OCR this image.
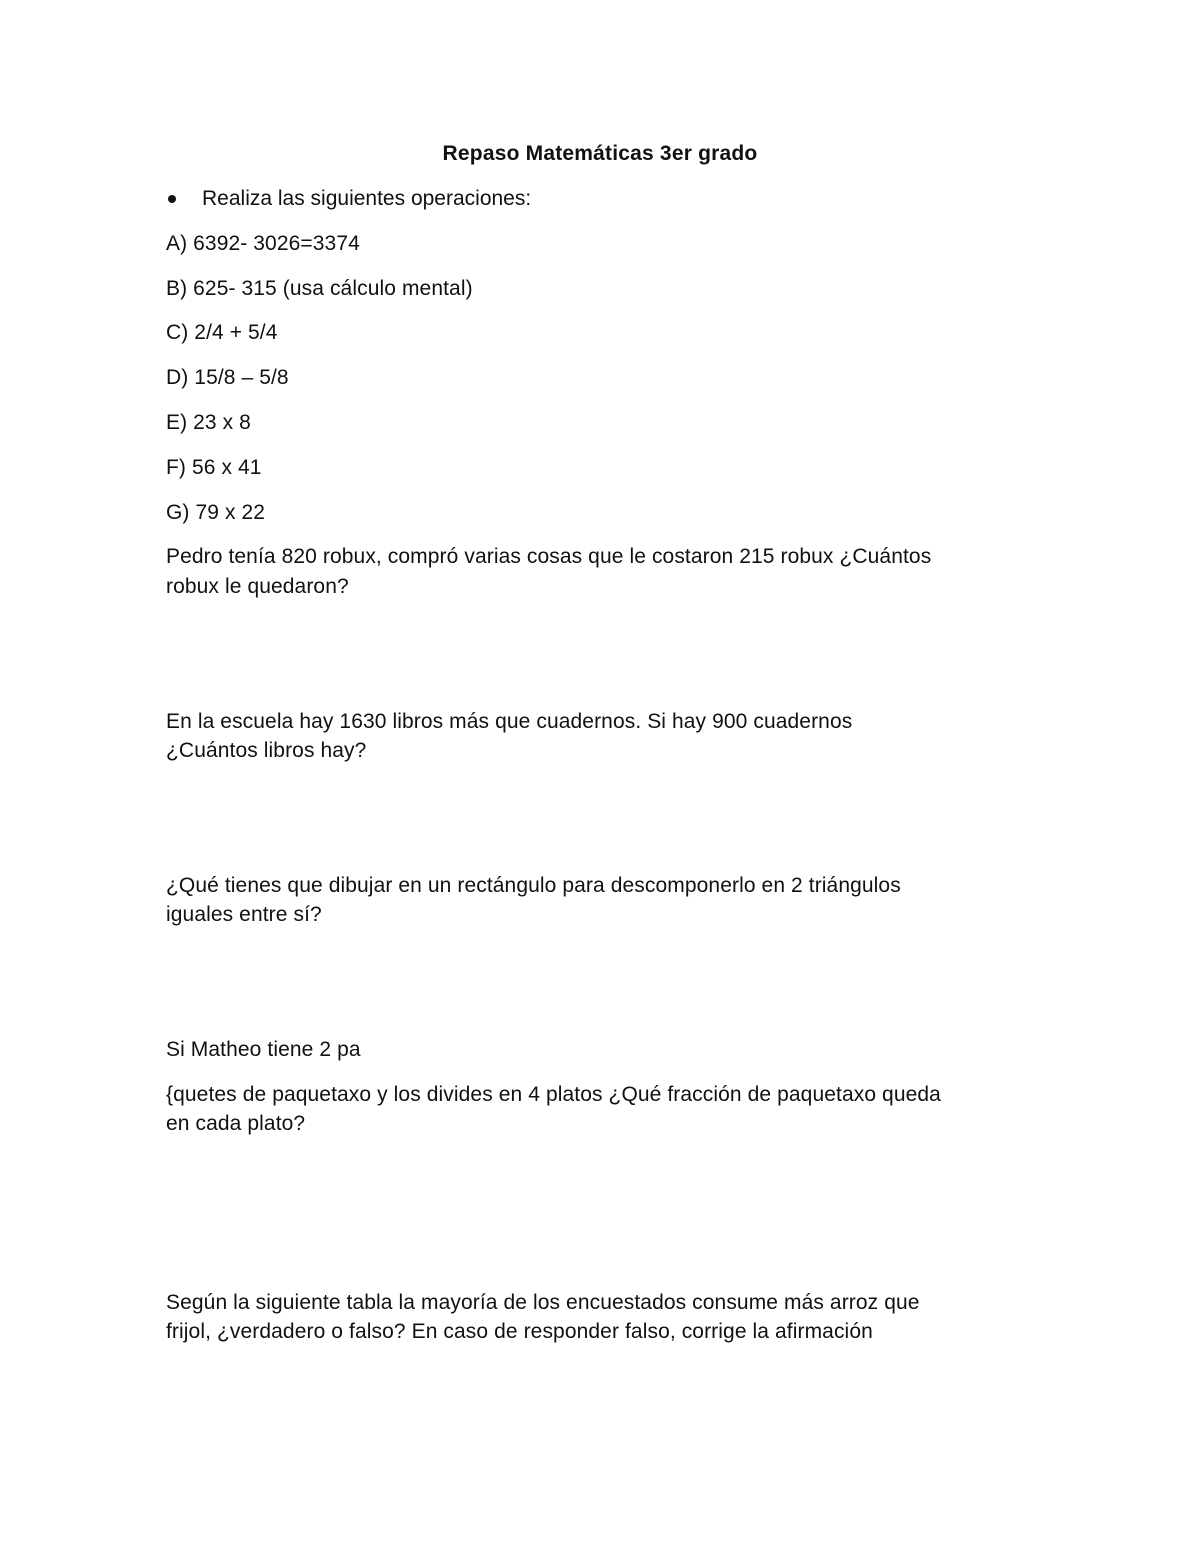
Repaso Matemáticas 3er grado
Realiza las siguientes operaciones:
A) 6392- 3026=3374
B) 625- 315 (usa cálculo mental)
C) 2/4 + 5/4
D) 15/8 – 5/8
E) 23 x 8
F) 56 x 41
G) 79 x 22
Pedro tenía 820 robux, compró varias cosas que le costaron 215 robux ¿Cuántos
robux le quedaron?
En la escuela hay 1630 libros más que cuadernos. Si hay 900 cuadernos
¿Cuántos libros hay?
¿Qué tienes que dibujar en un rectángulo para descomponerlo en 2 triángulos
iguales entre sí?
Si Matheo tiene 2 pa
{quetes de paquetaxo y los divides en 4 platos ¿Qué fracción de paquetaxo queda
en cada plato?
Según la siguiente tabla la mayoría de los encuestados consume más arroz que
frijol, ¿verdadero o falso? En caso de responder falso, corrige la afirmación
